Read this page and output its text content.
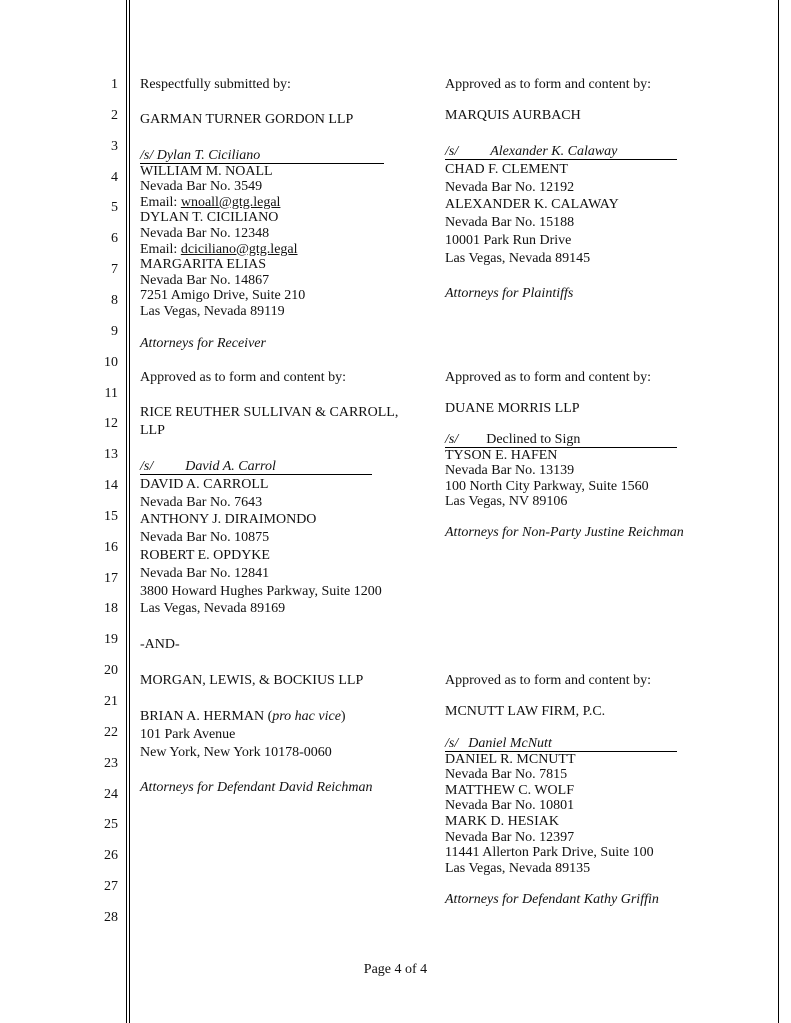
1
2
3
4
5
6
7
8
9
10
11
12
13
14
15
16
17
18
19
20
21
22
23
24
25
26
27
28
Respectfully submitted by:
GARMAN TURNER GORDON LLP
/s/ Dylan T. Ciciliano
WILLIAM M. NOALL
Nevada Bar No. 3549
Email: wnoall@gtg.legal
DYLAN T. CICILIANO
Nevada Bar No. 12348
Email: dciciliano@gtg.legal
MARGARITA ELIAS
Nevada Bar No. 14867
7251 Amigo Drive, Suite 210
Las Vegas, Nevada 89119
Attorneys for Receiver
Approved as to form and content by:
RICE REUTHER SULLIVAN & CARROLL,
LLP
/s/ David A. Carrol
DAVID A. CARROLL
Nevada Bar No. 7643
ANTHONY J. DIRAIMONDO
Nevada Bar No. 10875
ROBERT E. OPDYKE
Nevada Bar No. 12841
3800 Howard Hughes Parkway, Suite 1200
Las Vegas, Nevada 89169
-AND-
MORGAN, LEWIS, & BOCKIUS LLP
BRIAN A. HERMAN (pro hac vice)
101 Park Avenue
New York, New York 10178-0060
Attorneys for Defendant David Reichman
Approved as to form and content by:
MARQUIS AURBACH
/s/ Alexander K. Calaway
CHAD F. CLEMENT
Nevada Bar No. 12192
ALEXANDER K. CALAWAY
Nevada Bar No. 15188
10001 Park Run Drive
Las Vegas, Nevada 89145
Attorneys for Plaintiffs
Approved as to form and content by:
DUANE MORRIS LLP
/s/ Declined to Sign
TYSON E. HAFEN
Nevada Bar No. 13139
100 North City Parkway, Suite 1560
Las Vegas, NV 89106
Attorneys for Non-Party Justine Reichman
Approved as to form and content by:
MCNUTT LAW FIRM, P.C.
/s/ Daniel McNutt
DANIEL R. MCNUTT
Nevada Bar No. 7815
MATTHEW C. WOLF
Nevada Bar No. 10801
MARK D. HESIAK
Nevada Bar No. 12397
11441 Allerton Park Drive, Suite 100
Las Vegas, Nevada 89135
Attorneys for Defendant Kathy Griffin
Page 4 of 4
